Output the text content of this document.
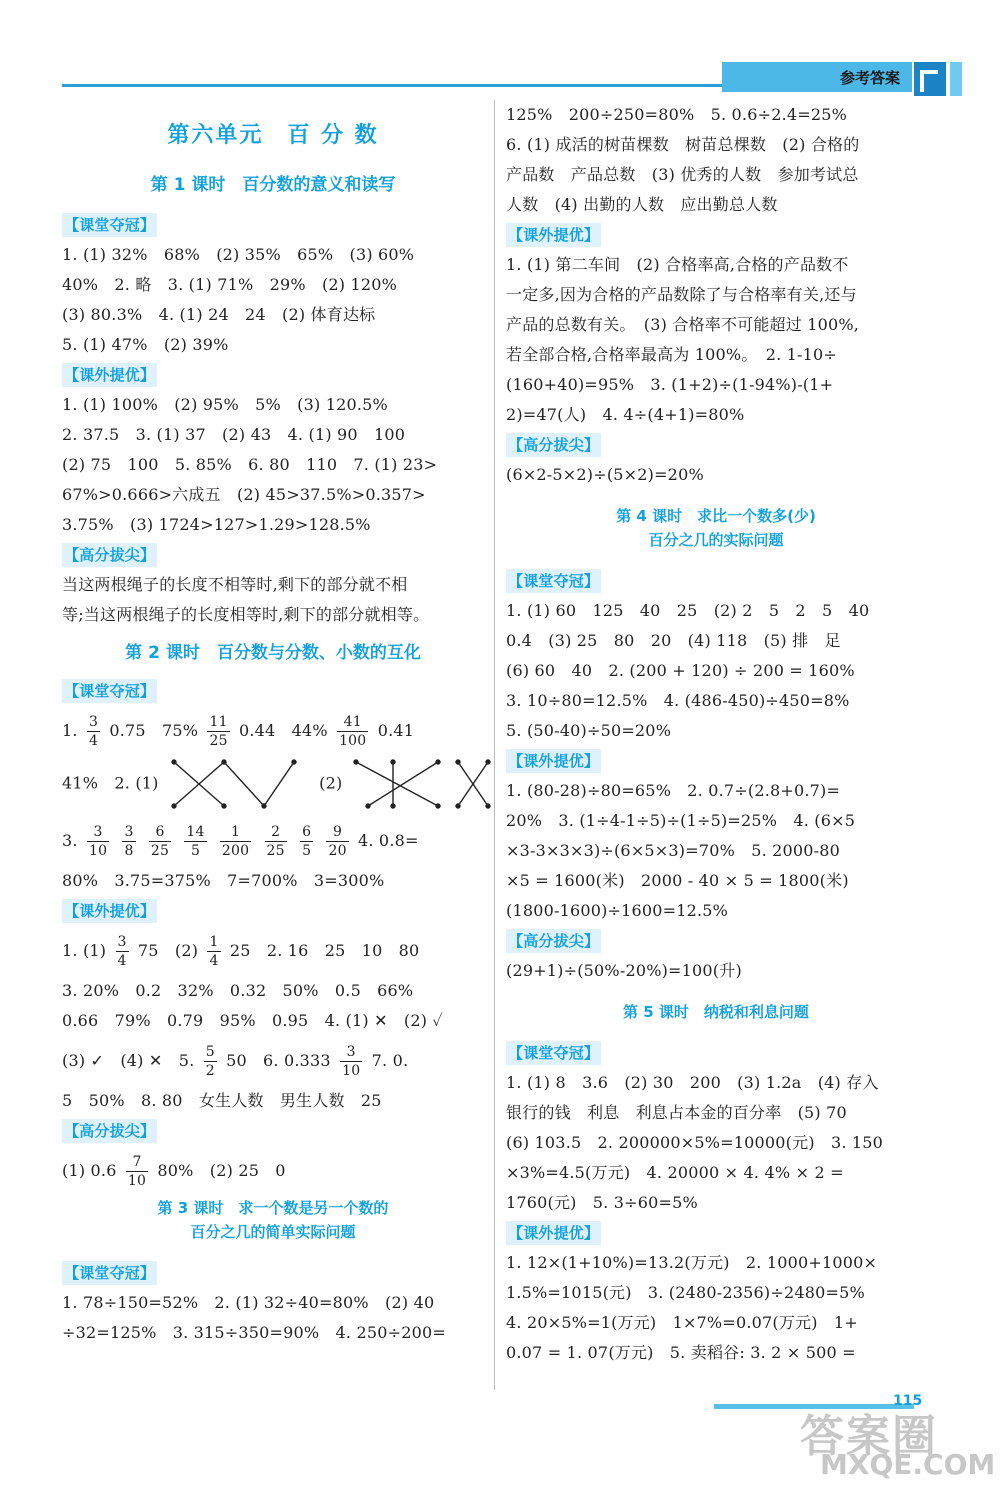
参考答案
第六单元　百 分 数
第 1 课时　百分数的意义和读写
【课堂夺冠】
1. (1) 32%　68%　(2) 35%　65%　(3) 60%
40%　2. 略　3. (1) 71%　29%　(2) 120%
(3) 80.3%　4. (1) 24　24　(2) 体育达标
5. (1) 47%　(2) 39%
【课外提优】
1. (1) 100%　(2) 95%　5%　(3) 120.5%
2. 37.5　3. (1) 37　(2) 43　4. (1) 90　100
(2) 75　100　5. 85%　6. 80　110　7. (1) 23>
67%>0.666>六成五　(2) 45>37.5%>0.357>
3.75%　(3) 1724>127>1.29>128.5%
【高分拔尖】
当这两根绳子的长度不相等时,剩下的部分就不相
等;当这两根绳子的长度相等时,剩下的部分就相等。
第 2 课时　百分数与分数、小数的互化
【课堂夺冠】
1. $\frac{3}{4} 0.75$　$75\% \frac{11}{25} 0.44$　$44\% \frac{41}{100} 0.41$
41%　2. (1)	(2)
3. $\frac{3}{10}$
$\frac{3}{8}$
$\frac{6}{25}$
$\frac{14}{5}$
$\frac{1}{200}$
$\frac{2}{25}$
$\frac{6}{5}$
$\frac{9}{20} 4$. 0.8=
80%　3.75=375%　7=700%　3=300%
【课外提优】
1. $(1) \frac{3}{4} 75$　$(2) \frac{1}{4} 25$　2. 16　25　10　80
3. 20%　0.2　32%　0.32　50%　0.5　66%
0.66　79%　0.79　95%　0.95　4. (1) ✕　(2) ✓
(3) ✓　(4) ✕　5. $\frac{5}{2} 50$　6. $0.333 \frac{3}{10} 7$. 0.
5　50%　8. 80　女生人数　男生人数　25
【高分拔尖】
(1) $0.6 \frac{7}{10} 80\%$　(2) 25　0
第 3 课时　求一个数是另一个数的
百分之几的简单实际问题
【课堂夺冠】
1. 78÷150=52%　2. (1) 32÷40=80%　(2) 40
÷32=125%　3. 315÷350=90%　4. 250÷200=
125%　200÷250=80%　5. 0.6÷2.4=25%
6. (1) 成活的树苗棵数　树苗总棵数　(2) 合格的
产品数　产品总数　(3) 优秀的人数　参加考试总
人数　(4) 出勤的人数　应出勤总人数
【课外提优】
1. (1) 第二车间　(2) 合格率高,合格的产品数不
一定多,因为合格的产品数除了与合格率有关,还与
产品的总数有关。　(3) 合格率不可能超过 100%,
若全部合格,合格率最高为 100%。　2. 1-10÷
(160+40)=95%　3. (1+2)÷(1-94%)-(1+
2)=47(人)　4. 4÷(4+1)=80%
【高分拔尖】
(6×2-5×2)÷(5×2)=20%
第 4 课时　求比一个数多(少)
百分之几的实际问题
【课堂夺冠】
1. (1) 60　125　40　25　(2) 2　5　2　5　40
0.4　(3) 25　80　20　(4) 118　(5) 排　足
(6) 60　40　2. (200 + 120) ÷ 200 = 160%
3. 10÷80=12.5%　4. (486-450)÷450=8%
5. (50-40)÷50=20%
【课外提优】
1. (80-28)÷80=65%　2. 0.7÷(2.8+0.7)=
20%　3. (1÷4-1÷5)÷(1÷5)=25%　4. (6×5
×3-3×3×3)÷(6×5×3)=70%　5. 2000-80
×5 = 1600(米)　2000 - 40 × 5 = 1800(米)
(1800-1600)÷1600=12.5%
【高分拔尖】
(29+1)÷(50%-20%)=100(升)
第 5 课时　纳税和利息问题
【课堂夺冠】
1. (1) 8　3.6　(2) 30　200　(3) 1.2a　(4) 存入
银行的钱　利息　利息占本金的百分率　(5) 70
(6) 103.5　2. 200000×5%=10000(元)　3. 150
×3%=4.5(万元)　4. 20000 × 4. 4% × 2 =
1760(元)　5. 3÷60=5%
【课外提优】
1. 12×(1+10%)=13.2(万元)　2. 1000+1000×
1.5%=1015(元)　3. (2480-2356)÷2480=5%
4. 20×5%=1(万元)　1×7%=0.07(万元)　1+
0.07 = 1. 07(万元)　5. 卖稻谷: 3. 2 × 500 =
115
答案圈
MXQE.COM
